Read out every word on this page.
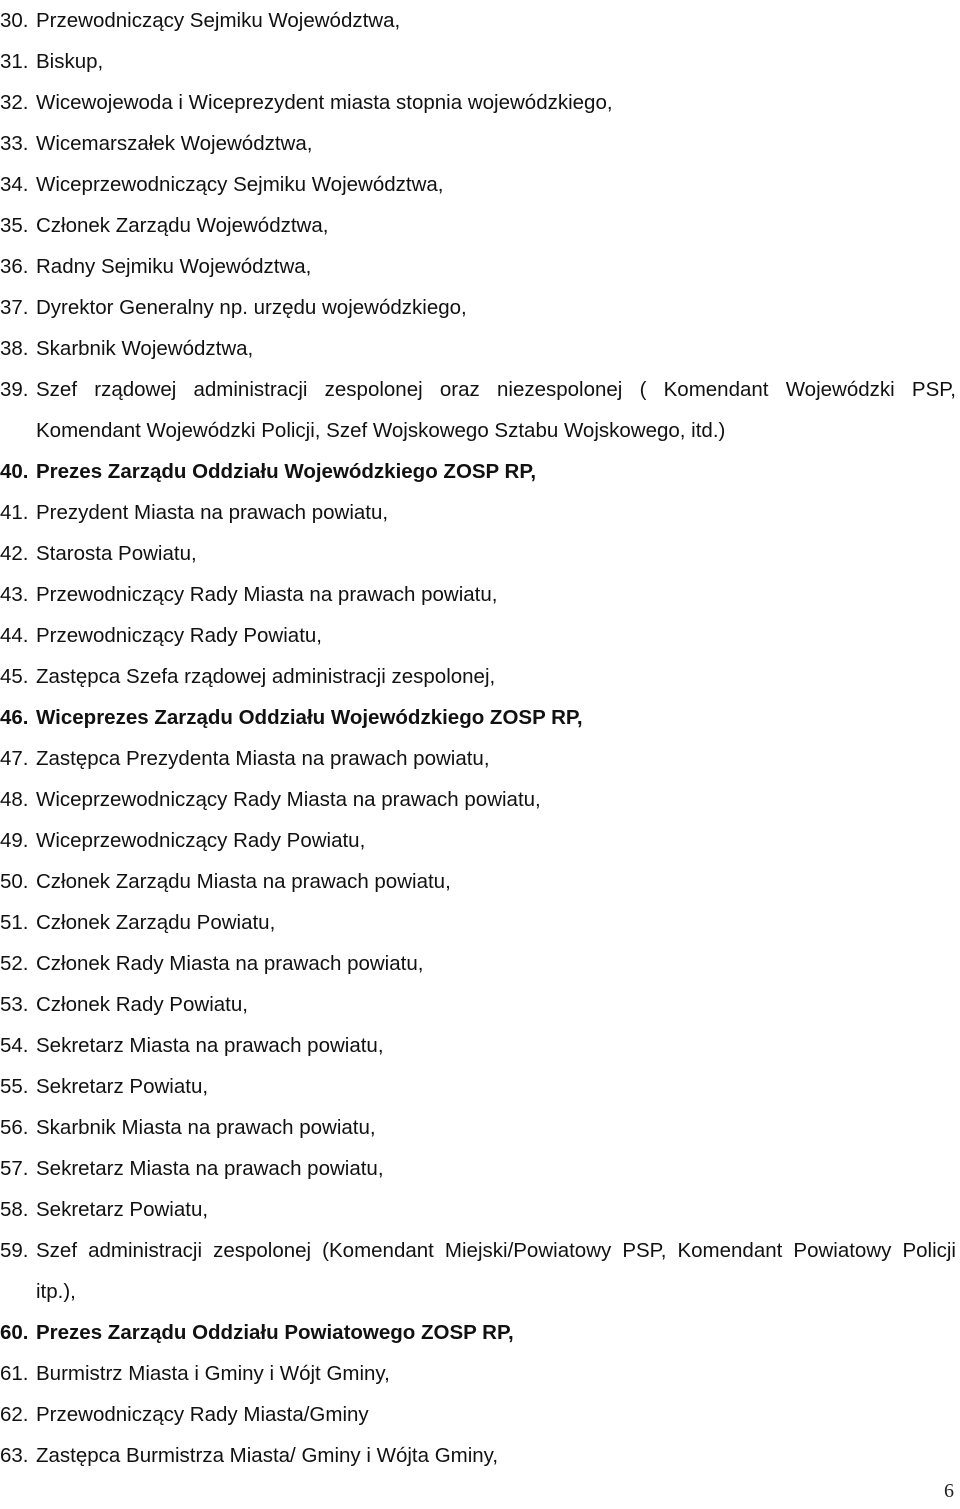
30. Przewodniczący Sejmiku Województwa,
31. Biskup,
32. Wicewojewoda i Wiceprezydent miasta stopnia wojewódzkiego,
33. Wicemarszałek Województwa,
34. Wiceprzewodniczący Sejmiku Województwa,
35. Członek Zarządu Województwa,
36. Radny Sejmiku Województwa,
37. Dyrektor Generalny np. urzędu wojewódzkiego,
38. Skarbnik Województwa,
39. Szef rządowej administracji zespolonej oraz niezespolonej ( Komendant Wojewódzki PSP, Komendant Wojewódzki Policji, Szef Wojskowego Sztabu Wojskowego, itd.)
40. Prezes Zarządu Oddziału Wojewódzkiego ZOSP RP,
41. Prezydent Miasta na prawach powiatu,
42. Starosta Powiatu,
43. Przewodniczący Rady Miasta na prawach powiatu,
44. Przewodniczący Rady Powiatu,
45. Zastępca Szefa rządowej administracji zespolonej,
46. Wiceprezes Zarządu Oddziału Wojewódzkiego ZOSP RP,
47. Zastępca Prezydenta Miasta na prawach powiatu,
48. Wiceprzewodniczący Rady Miasta na prawach powiatu,
49. Wiceprzewodniczący Rady Powiatu,
50. Członek Zarządu Miasta na prawach powiatu,
51. Członek Zarządu Powiatu,
52. Członek Rady Miasta na prawach powiatu,
53. Członek Rady Powiatu,
54. Sekretarz Miasta na prawach powiatu,
55. Sekretarz Powiatu,
56. Skarbnik Miasta na prawach powiatu,
57. Sekretarz Miasta na prawach powiatu,
58. Sekretarz Powiatu,
59. Szef administracji zespolonej (Komendant Miejski/Powiatowy PSP, Komendant Powiatowy Policji itp.),
60. Prezes Zarządu Oddziału Powiatowego ZOSP RP,
61. Burmistrz Miasta i Gminy i Wójt Gminy,
62. Przewodniczący Rady Miasta/Gminy
63. Zastępca Burmistrza Miasta/ Gminy i Wójta Gminy,
6
